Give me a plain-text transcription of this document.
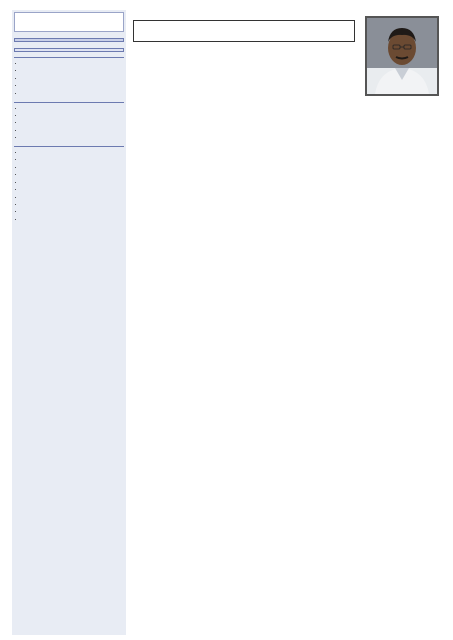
•
•
•
•
•
•
•
•
•
•
•
•
•
•
•
•
•
•
•
•
